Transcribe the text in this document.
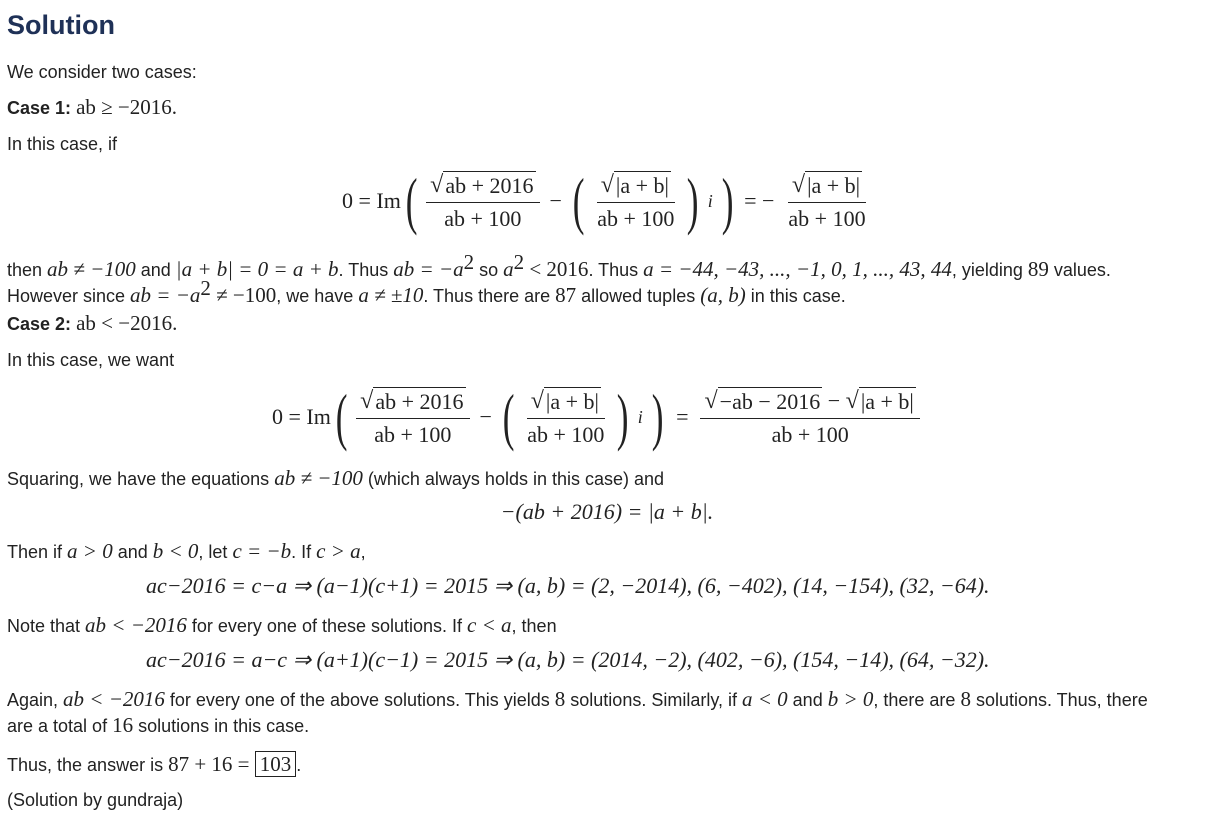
Solution
We consider two cases:
Case 1: ab ≥ −2016.
In this case, if
0 = Im ( $\frac{√ ab + 2016}{ab + 100}$ − ( $\frac{√ |a + b|}{ab + 100}$ ) i ) = − $\frac{√ |a + b|}{ab + 100}$
then ab ≠ −100 and |a + b| = 0 = a + b. Thus ab = $-a^2$ so $a^2 < 2016$. Thus a = −44, −43, ..., −1, 0, 1, ..., 43, 44, yielding 89 values.
However since ab = $-a^2 \ne -100$, we have a ≠ ±10. Thus there are 87 allowed tuples (a, b) in this case.
Case 2: ab < −2016.
In this case, we want
0 = Im ( $\frac{√ ab + 2016}{ab + 100}$ − ( $\frac{√ |a + b|}{ab + 100}$ ) i ) = $\frac{√ -ab - 2016 - √ |a + b|}{ab + 100}$
Squaring, we have the equations ab ≠ −100 (which always holds in this case) and
−(ab + 2016) = |a + b|.
Then if a > 0 and b < 0, let c = −b. If c > a,
ac−2016 = c−a ⇒ (a−1)(c+1) = 2015 ⇒ (a, b) = (2, −2014), (6, −402), (14, −154), (32, −64).
Note that ab < −2016 for every one of these solutions. If c < a, then
ac−2016 = a−c ⇒ (a+1)(c−1) = 2015 ⇒ (a, b) = (2014, −2), (402, −6), (154, −14), (64, −32).
Again, ab < −2016 for every one of the above solutions. This yields 8 solutions. Similarly, if a < 0 and b > 0, there are 8 solutions. Thus, there
are a total of 16 solutions in this case.
Thus, the answer is 87 + 16 = 103 .
(Solution by gundraja)
